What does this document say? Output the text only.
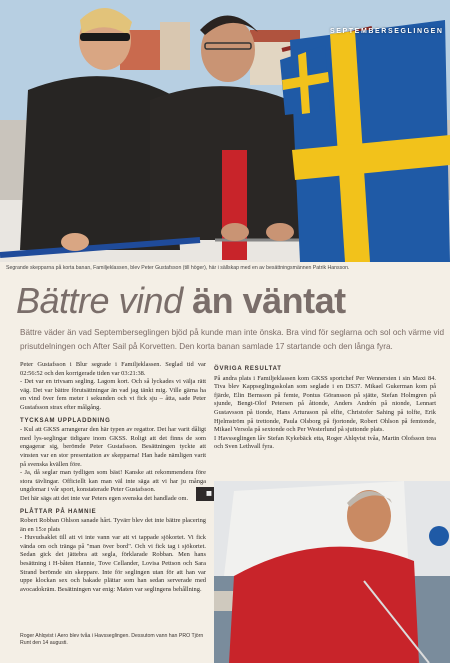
SEPTEMBERSEGLINGEN
Segrande skepparna på korta banan, Familjeklassen, blev Peter Gustafsson (till höger), här i sällskap med en av besättningsmännen Patrik Hansson.
Bättre vind än väntat
Bättre väder än vad Septemberseglingen bjöd på kunde man inte önska. Bra vind för seglarna och sol och värme vid prisutdelningen och After Sail på Korvetten. Den korta banan samlade 17 startande och den långa fyra.

Peter Gustafsson i Blur segrade i Familjeklassen. Seglad tid var 02:56:52 och den korrigerade tiden var 03:21:38.

- Det var en trivsam segling. Lagom kort. Och så lyckades vi välja rätt väg. Det var bättre förutsättningar än vad jag tänkt mig. Ville gärna ha en vind över fem meter i sekunden och vi fick sju – åtta, sade Peter Gustafsson strax efter målgång.

TYCKSAM UPPLADDNING

- Kul att GKSS arrangerar den här typen av regattor. Det har varit dåligt med lys-seglingar tidigare inom GKSS. Roligt att det finns de som engagerar sig, berömde Peter Gustafsson. Besättningen tyckte att vinsten var en stor presentation av skepparna! Han hade nämligen varit på svenska kvällen före.

- Ja, då seglar man tydligen som bäst! Kanske att rekommendera före stora tävlingar. Officiellt kan man väl inte säga att vi har ju många ungdomar i vår sport, konstaterade Peter Gustafsson.

Det här sägs att det inte var Peters egen svenska det handlade om.

PLÅTTAR PÅ HAMNIE

Robert Robban Ohlson sanade hårt. Tyvärr blev det inte bättre placering än en 15:e plats

- Huvudsaklet till att vi inte vann var att vi tappade sjökortet. Vi fick vända om och tränga på "man över bord". Och vi fick tag i sjökortet. Sedan gick det jättebra att segla, förklarade Robban. Men hans besättning i H-båten Hannie, Tove Cellander, Lovisa Pettson och Sara Strand berömde sin skeppare. Inte för seglingen utan för att han var uppe klockan sex och bakade plättar som han sedan serverade med avocadokräm. Besättningen var enig: Maten var seglingens behållning.

Roger Ahlqvist i Aero blev tvåa i Havsseglingen. Dessutom vann han PRO Tjörn Runt den 14 augusti.
ÖVRIGA RESULTAT

På andra plats i Familjeklassen kom GKSS sportchef Per Wennersten i sin Maxi 84. Tiva blev Kappseglingsskolan som seglade i en DS37. Mikael Gukerman kom på fjärde, Elin Bernsson på femte, Pontus Göransson på sjätte, Stefan Holmgren på sjunde, Bengt-Olof Petersen på åttonde, Anders Andrén på nionde, Lennart Gustavsson på tionde, Hans Arturason på elfte, Christofer Sahing på tolfte, Erik Hjelmström på trettonde, Paula Olsborg på fjortonde, Robert Ohlson på femtonde, Mikael Versola på sextonde och Per Westerlund på sjuttonde plats.

I Havsseglingen låv Stefan Kykebäck etta, Roger Ahlqvist tvåa, Martin Olofsson trea och Sven Lethvall fyra.

▦
